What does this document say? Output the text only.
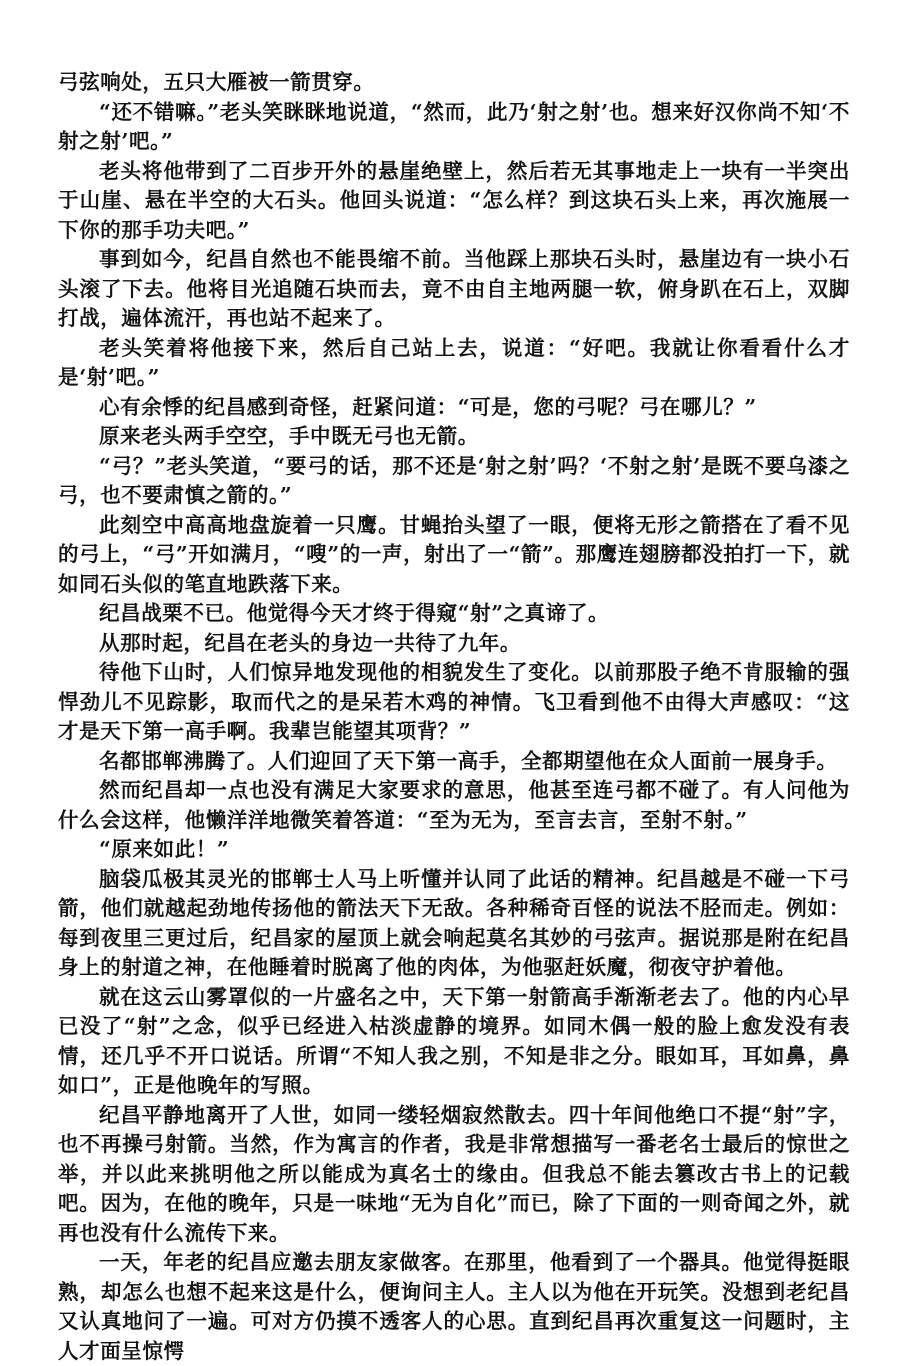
弓弦响处，五只大雁被一箭贯穿。

“还不错嘛。”老头笑眯眯地说道，“然而，此乃‘射之射’也。想来好汉你尚不知‘不射之射’吧。”

老头将他带到了二百步开外的悬崖绝壁上，然后若无其事地走上一块有一半突出于山崖、悬在半空的大石头。他回头说道：“怎么样？到这块石头上来，再次施展一下你的那手功夫吧。”

事到如今，纪昌自然也不能畏缩不前。当他踩上那块石头时，悬崖边有一块小石头滚了下去。他将目光追随石块而去，竟不由自主地两腿一软，俯身趴在石上，双脚打战，遍体流汗，再也站不起来了。

老头笑着将他接下来，然后自己站上去，说道：“好吧。我就让你看看什么才是‘射’吧。”

心有余悸的纪昌感到奇怪，赶紧问道：“可是，您的弓呢？弓在哪儿？”

原来老头两手空空，手中既无弓也无箭。

“弓？”老头笑道，“要弓的话，那不还是‘射之射’吗？‘不射之射’是既不要乌漆之弓，也不要肃慎之箭的。”

此刻空中高高地盘旋着一只鹰。甘蝇抬头望了一眼，便将无形之箭搭在了看不见的弓上，“弓”开如满月，“嗖”的一声，射出了一“箭”。那鹰连翅膀都没拍打一下，就如同石头似的笔直地跌落下来。

纪昌战栗不已。他觉得今天才终于得窥“射”之真谛了。

从那时起，纪昌在老头的身边一共待了九年。

待他下山时，人们惊异地发现他的相貌发生了变化。以前那股子绝不肯服输的强悍劲儿不见踪影，取而代之的是呆若木鸡的神情。飞卫看到他不由得大声感叹：“这才是天下第一高手啊。我辈岂能望其项背？”

名都邯郸沸腾了。人们迎回了天下第一高手，全都期望他在众人面前一展身手。

然而纪昌却一点也没有满足大家要求的意思，他甚至连弓都不碰了。有人问他为什么会这样，他懒洋洋地微笑着答道：“至为无为，至言去言，至射不射。”

“原来如此！”

脑袋瓜极其灵光的邯郸士人马上听懂并认同了此话的精神。纪昌越是不碰一下弓箭，他们就越起劲地传扬他的箭法天下无敌。各种稀奇百怪的说法不胫而走。例如：每到夜里三更过后，纪昌家的屋顶上就会响起莫名其妙的弓弦声。据说那是附在纪昌身上的射道之神，在他睡着时脱离了他的肉体，为他驱赶妖魔，彻夜守护着他。

就在这云山雾罩似的一片盛名之中，天下第一射箭高手渐渐老去了。他的内心早已没了“射”之念，似乎已经进入枯淡虚静的境界。如同木偶一般的脸上愈发没有表情，还几乎不开口说话。所谓“不知人我之别，不知是非之分。眼如耳，耳如鼻，鼻如口”，正是他晚年的写照。

纪昌平静地离开了人世，如同一缕轻烟寂然散去。四十年间他绝口不提“射”字，也不再操弓射箭。当然，作为寓言的作者，我是非常想描写一番老名士最后的惊世之举，并以此来挑明他之所以能成为真名士的缘由。但我总不能去篡改古书上的记载吧。因为，在他的晚年，只是一味地“无为自化”而已，除了下面的一则奇闻之外，就再也没有什么流传下来。

一天，年老的纪昌应邀去朋友家做客。在那里，他看到了一个器具。他觉得挺眼熟，却怎么也想不起来这是什么，便询问主人。主人以为他在开玩笑。没想到老纪昌又认真地问了一遍。可对方仍摸不透客人的心思。直到纪昌再次重复这一问题时，主人才面呈惊愕
